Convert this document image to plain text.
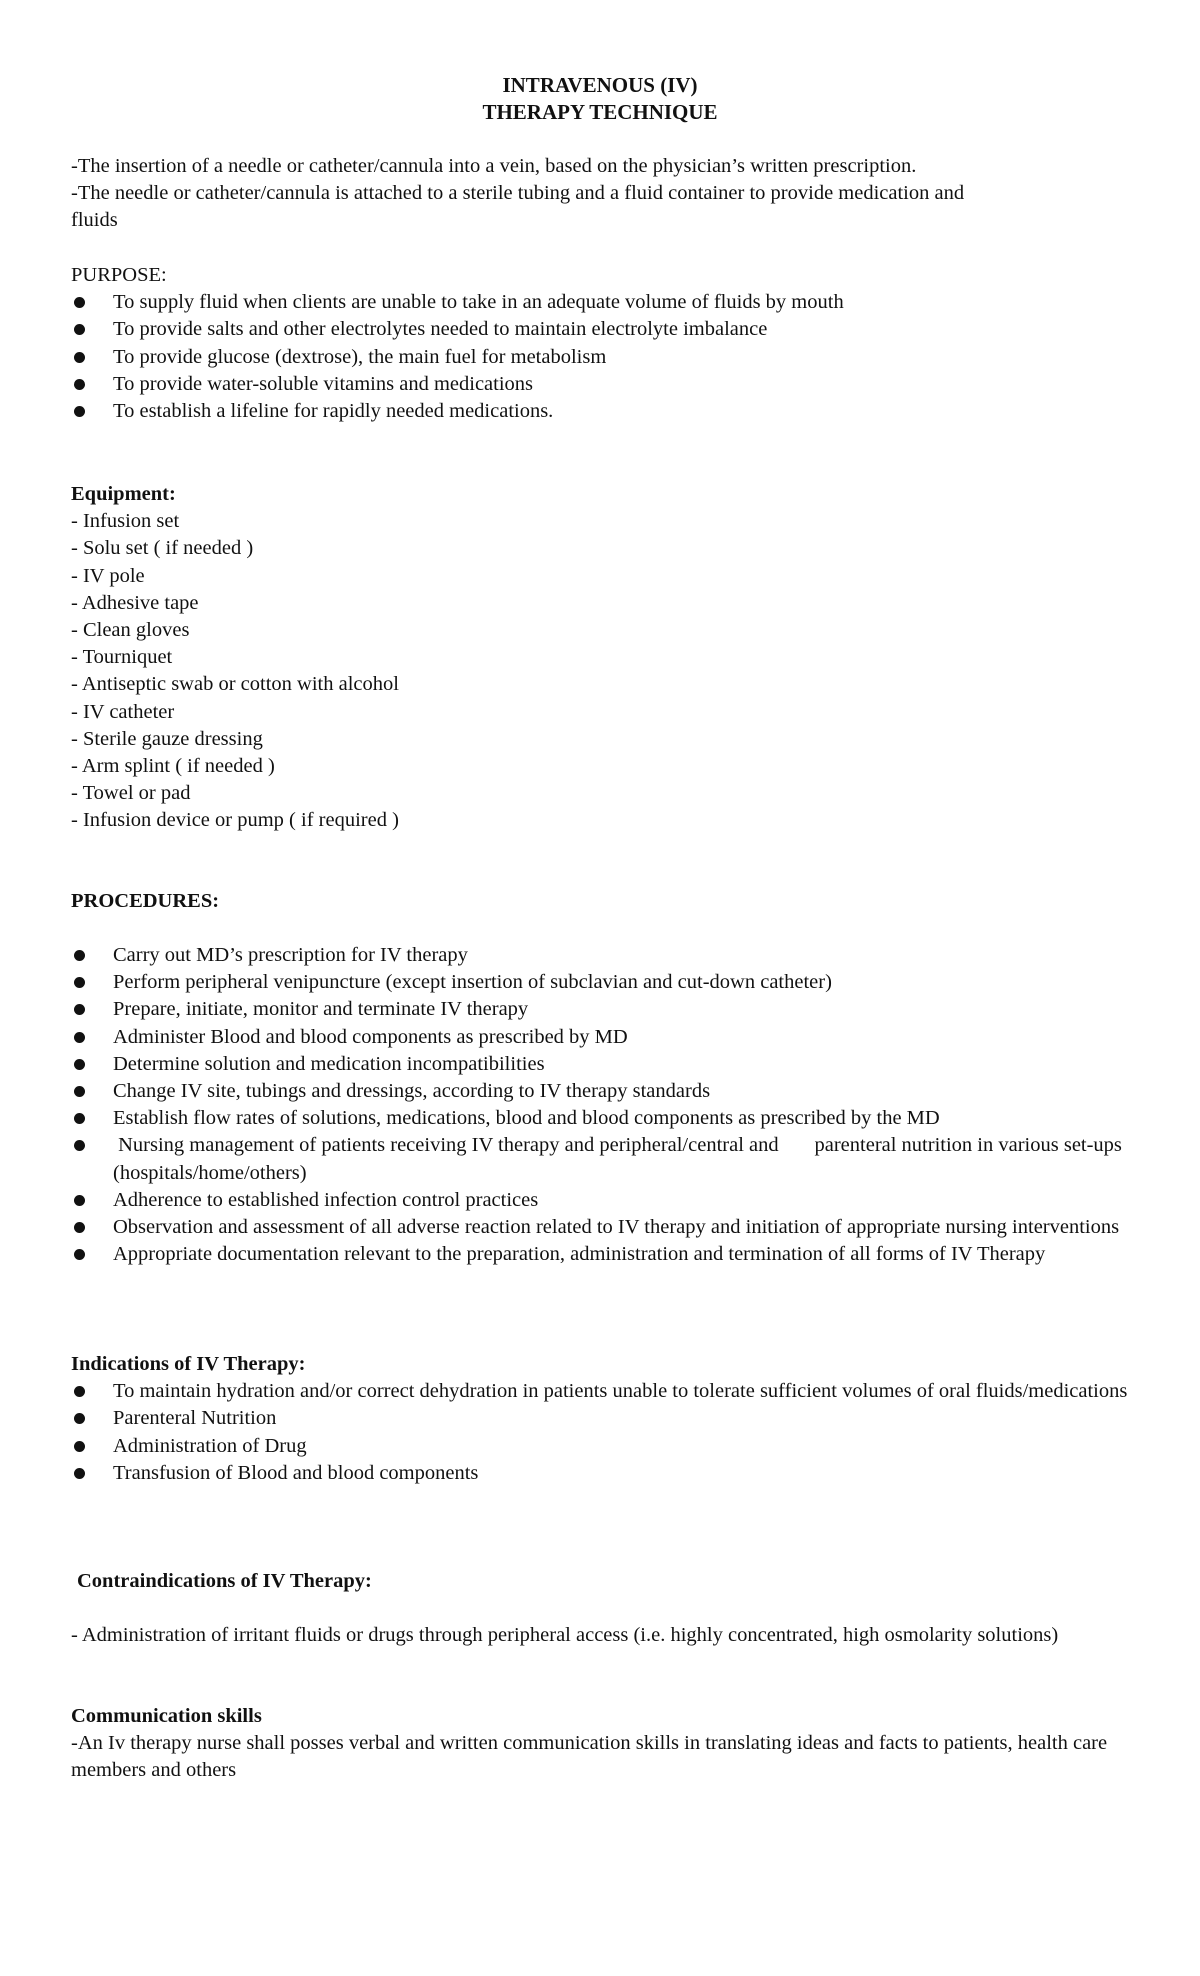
INTRAVENOUS (IV)
THERAPY TECHNIQUE
-The insertion of a needle or catheter/cannula into a vein, based on the physician’s written prescription.
-The needle or catheter/cannula is attached to a sterile tubing and a fluid container to provide medication and
fluids
PURPOSE:
To supply fluid when clients are unable to take in an adequate volume of fluids by mouth
To provide salts and other electrolytes needed to maintain electrolyte imbalance
To provide glucose (dextrose), the main fuel for metabolism
To provide water-soluble vitamins and medications
To establish a lifeline for rapidly needed medications.
Equipment:
- Infusion set
- Solu set ( if needed )
- IV pole
- Adhesive tape
- Clean gloves
- Tourniquet
- Antiseptic swab or cotton with alcohol
- IV catheter
- Sterile gauze dressing
- Arm splint ( if needed )
- Towel or pad
- Infusion device or pump ( if required )
PROCEDURES:
Carry out MD’s prescription for IV therapy
Perform peripheral venipuncture (except insertion of subclavian and cut-down catheter)
Prepare, initiate, monitor and terminate IV therapy
Administer Blood and blood components as prescribed by MD
Determine solution and medication incompatibilities
Change IV site, tubings and dressings, according to IV therapy standards
Establish flow rates of solutions, medications, blood and blood components as prescribed by the MD
Nursing management of patients receiving IV therapy and peripheral/central and       parenteral nutrition in various set-ups (hospitals/home/others)
Adherence to established infection control practices
Observation and assessment of all adverse reaction related to IV therapy and initiation of appropriate nursing interventions
Appropriate documentation relevant to the preparation, administration and termination of all forms of IV Therapy
Indications of IV Therapy:
To maintain hydration and/or correct dehydration in patients unable to tolerate sufficient volumes of oral fluids/medications
Parenteral Nutrition
Administration of Drug
Transfusion of Blood and blood components
Contraindications of IV Therapy:
- Administration of irritant fluids or drugs through peripheral access (i.e. highly concentrated, high osmolarity solutions)
Communication skills
-An Iv therapy nurse shall posses verbal and written communication skills in translating ideas and facts to patients, health care members and others
